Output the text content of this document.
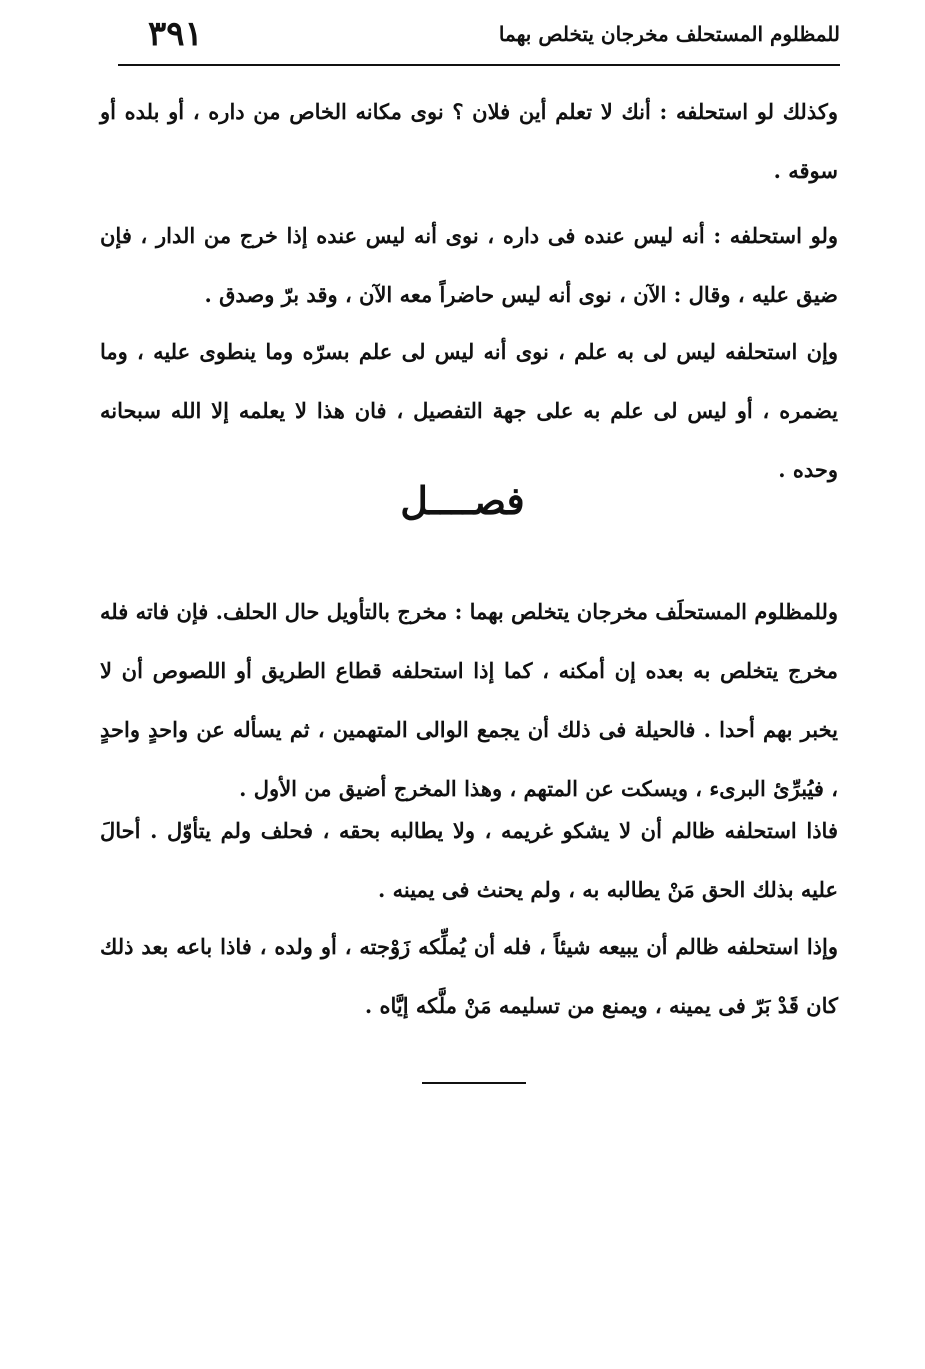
للمظلوم المستحلف مخرجان يتخلص بهما
٣٩١

وكذلك لو استحلفه : أنك لا تعلم أين فلان ؟ نوى مكانه الخاص من داره ، أو بلده أو سوقه .

ولو استحلفه : أنه ليس عنده فى داره ، نوى أنه ليس عنده إذا خرج من الدار ، فإن ضيق عليه ، وقال : الآن ، نوى أنه ليس حاضراً معه الآن ، وقد برّ وصدق .

وإن استحلفه ليس لى به علم ، نوى أنه ليس لى علم بسرّه وما ينطوى عليه ، وما يضمره ، أو ليس لى علم به على جهة التفصيل ، فان هذا لا يعلمه إلا الله سبحانه وحده .

فصــــل

وللمظلوم المستحلَف مخرجان يتخلص بهما : مخرج بالتأويل حال الحلف. فإن فاته فله مخرج يتخلص به بعده إن أمكنه ، كما إذا استحلفه قطاع الطريق أو اللصوص أن لا يخبر بهم أحدا . فالحيلة فى ذلك أن يجمع الوالى المتهمين ، ثم يسأله عن واحدٍ واحدٍ ، فيُبرِّئ البرىء ، ويسكت عن المتهم ، وهذا المخرج أضيق من الأول .

فاذا استحلفه ظالم أن لا يشكو غريمه ، ولا يطالبه بحقه ، فحلف ولم يتأوّل . أحالَ عليه بذلك الحق مَنْ يطالبه به ، ولم يحنث فى يمينه .

وإذا استحلفه ظالم أن يبيعه شيئاً ، فله أن يُملِّكه زَوْجته ، أو ولده ، فاذا باعه بعد ذلك كان قَدْ بَرّ فى يمينه ، ويمنع من تسليمه مَنْ ملَّكه إيَّاه .
